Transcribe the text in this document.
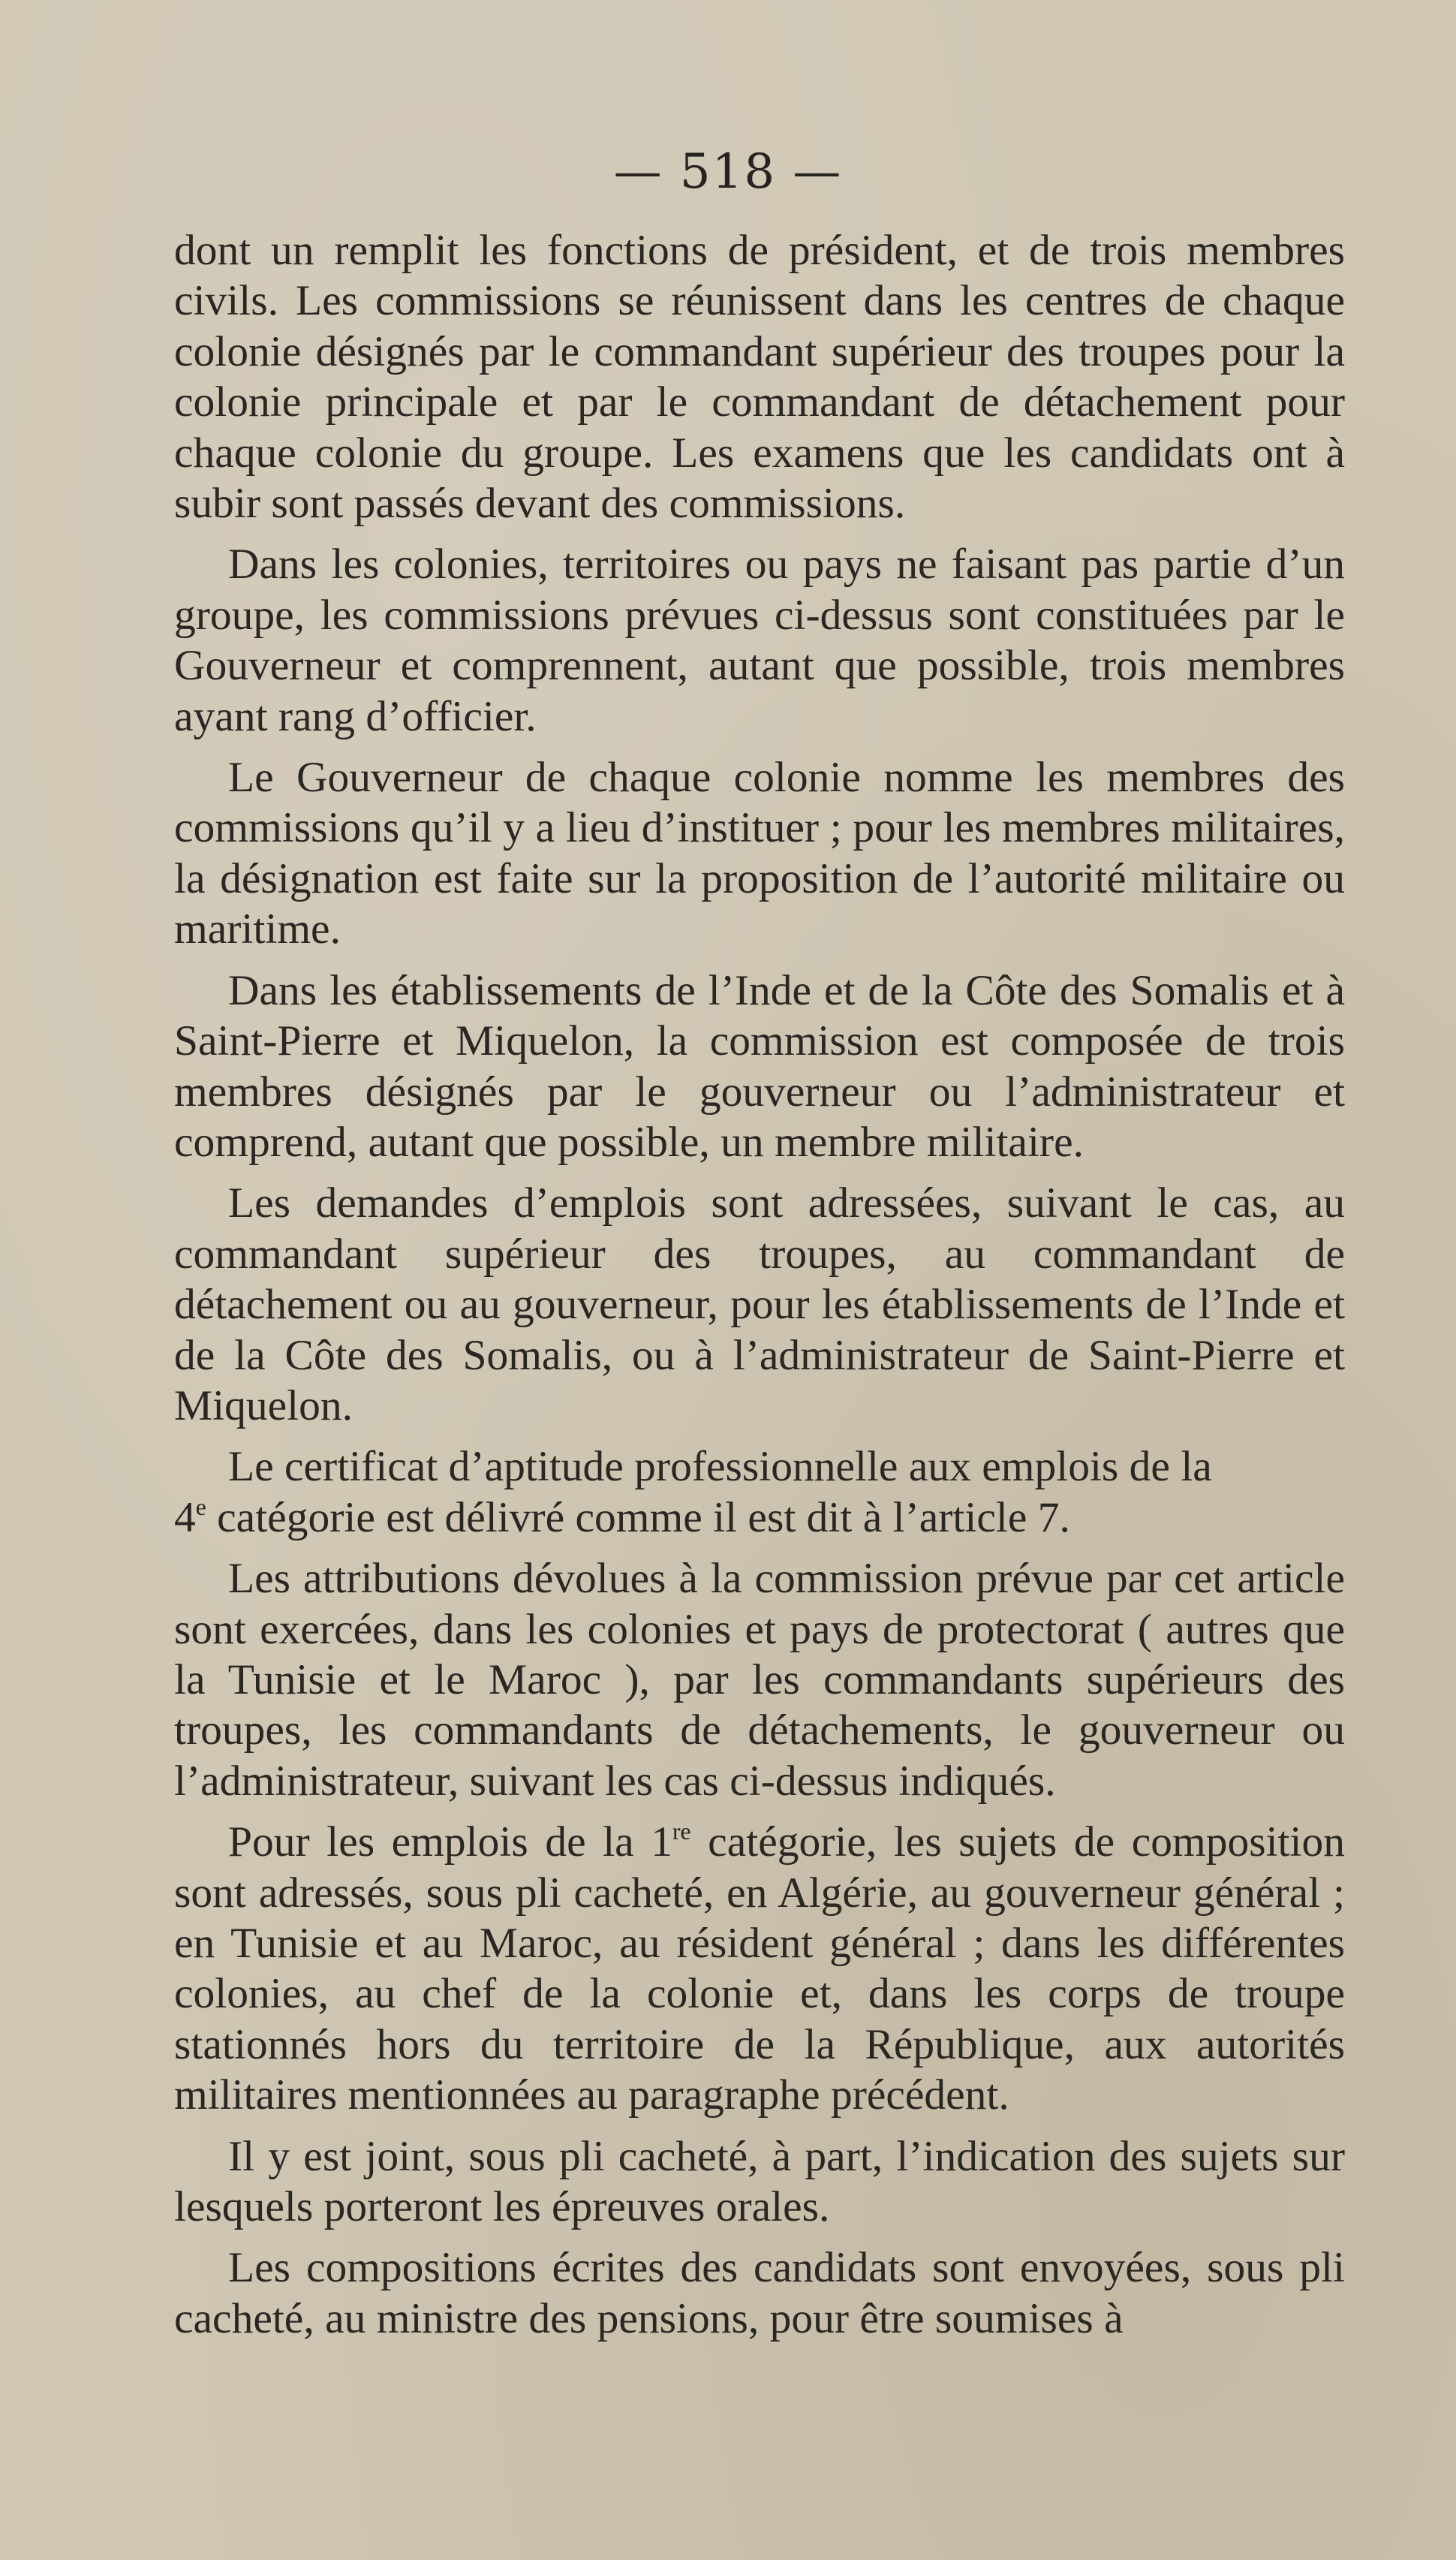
— 518 —

dont un remplit les fonctions de président, et de trois membres civils. Les commissions se réunissent dans les centres de chaque colonie désignés par le commandant supérieur des troupes pour la colonie principale et par le commandant de détachement pour chaque colonie du groupe. Les examens que les candidats ont à subir sont passés devant des commissions.

Dans les colonies, territoires ou pays ne faisant pas partie d’un groupe, les commissions prévues ci-dessus sont constituées par le Gouverneur et comprennent, autant que possible, trois membres ayant rang d’officier.

Le Gouverneur de chaque colonie nomme les membres des commissions qu’il y a lieu d’instituer ; pour les membres militaires, la désignation est faite sur la proposition de l’autorité militaire ou maritime.

Dans les établissements de l’Inde et de la Côte des Somalis et à Saint-Pierre et Miquelon, la commission est composée de trois membres désignés par le gouverneur ou l’administrateur et comprend, autant que possible, un membre militaire.

Les demandes d’emplois sont adressées, suivant le cas, au commandant supérieur des troupes, au commandant de détachement ou au gouverneur, pour les établissements de l’Inde et de la Côte des Somalis, ou à l’administrateur de Saint-Pierre et Miquelon.

Le certificat d’aptitude professionnelle aux emplois de la
4e catégorie est délivré comme il est dit à l’article 7.

Les attributions dévolues à la commission prévue par cet article sont exercées, dans les colonies et pays de protectorat ( autres que la Tunisie et le Maroc ), par les commandants supérieurs des troupes, les commandants de détachements, le gouverneur ou l’administrateur, suivant les cas ci-dessus indiqués.

Pour les emplois de la 1re catégorie, les sujets de composition sont adressés, sous pli cacheté, en Algérie, au gouverneur général ; en Tunisie et au Maroc, au résident général ; dans les différentes colonies, au chef de la colonie et, dans les corps de troupe stationnés hors du territoire de la République, aux autorités militaires mentionnées au paragraphe précédent.

Il y est joint, sous pli cacheté, à part, l’indication des sujets sur lesquels porteront les épreuves orales.

Les compositions écrites des candidats sont envoyées, sous pli cacheté, au ministre des pensions, pour être soumises à
